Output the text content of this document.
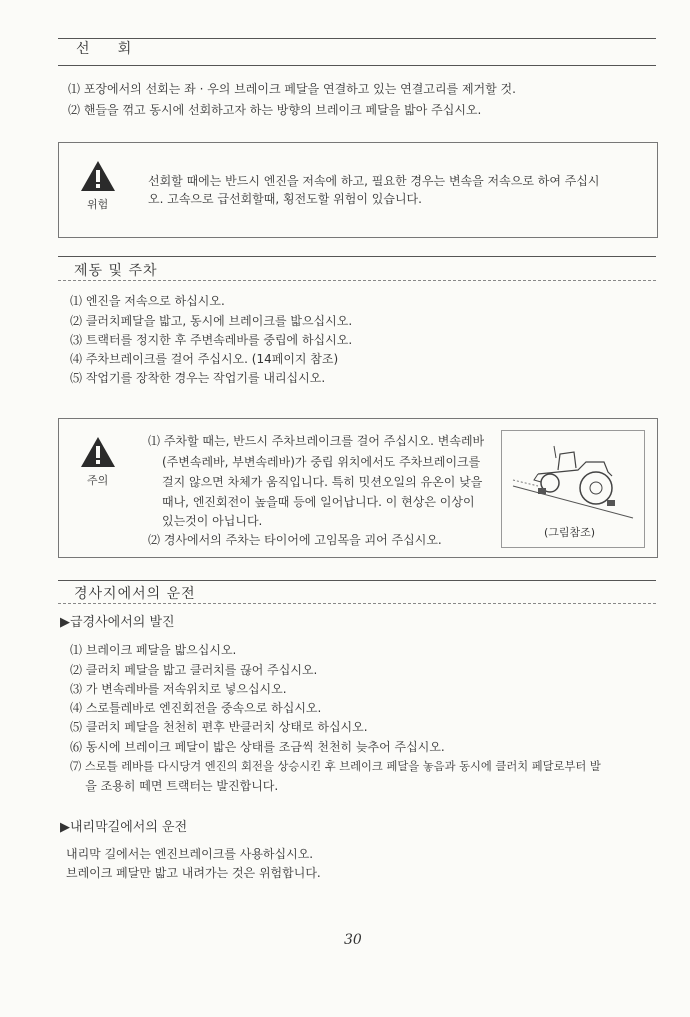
선     회
⑴ 포장에서의 선회는 좌 · 우의 브레이크 페달을 연결하고 있는 연결고리를 제거할 것.
⑵ 핸들을 꺾고 동시에 선회하고자 하는 방향의 브레이크 페달을 밟아 주십시오.
위험
선회할 때에는 반드시 엔진을 저속에 하고, 필요한 경우는 변속을 저속으로 하여 주십시
오. 고속으로 급선회할때, 횡전도할 위험이 있습니다.
제동 및 주차
⑴ 엔진을 저속으로 하십시오.
⑵ 클러치페달을 밟고, 동시에 브레이크를 밟으십시오.
⑶ 트랙터를 정지한 후 주변속레바를 중립에 하십시오.
⑷ 주차브레이크를 걸어 주십시오. (14페이지 참조)
⑸ 작업기를 장착한 경우는 작업기를 내리십시오.
주의
⑴ 주차할 때는, 반드시 주차브레이크를 걸어 주십시오. 변속레바
(주변속레바, 부변속레바)가 중립 위치에서도 주차브레이크를
걸지 않으면 차체가 움직입니다. 특히 밋션오일의 유온이 낮을
때나, 엔진회전이 높을때 등에 일어납니다. 이 현상은 이상이
있는것이 아닙니다.
⑵ 경사에서의 주차는 타이어에 고임목을 괴어 주십시오.
(그림참조)
경사지에서의 운전
▶급경사에서의 발진
⑴ 브레이크 페달을 밟으십시오.
⑵ 클러치 페달을 밟고 클러치를 끊어 주십시오.
⑶ 가 변속레바를 저속위치로 넣으십시오.
⑷ 스로틀레바로 엔진회전을 중속으로 하십시오.
⑸ 클러치 페달을 천천히 편후 반클러치 상태로 하십시오.
⑹ 동시에 브레이크 페달이 밟은 상태를 조금씩 천천히 늦추어 주십시오.
⑺ 스로틀 레바를 다시당겨 엔진의 회전을 상승시킨 후 브레이크 페달을 놓음과 동시에 클러치 페달로부터 발
을 조용히 떼면 트랙터는 발진합니다.
▶내리막길에서의 운전
내리막 길에서는 엔진브레이크를 사용하십시오.
브레이크 페달만 밟고 내려가는 것은 위험합니다.
30
